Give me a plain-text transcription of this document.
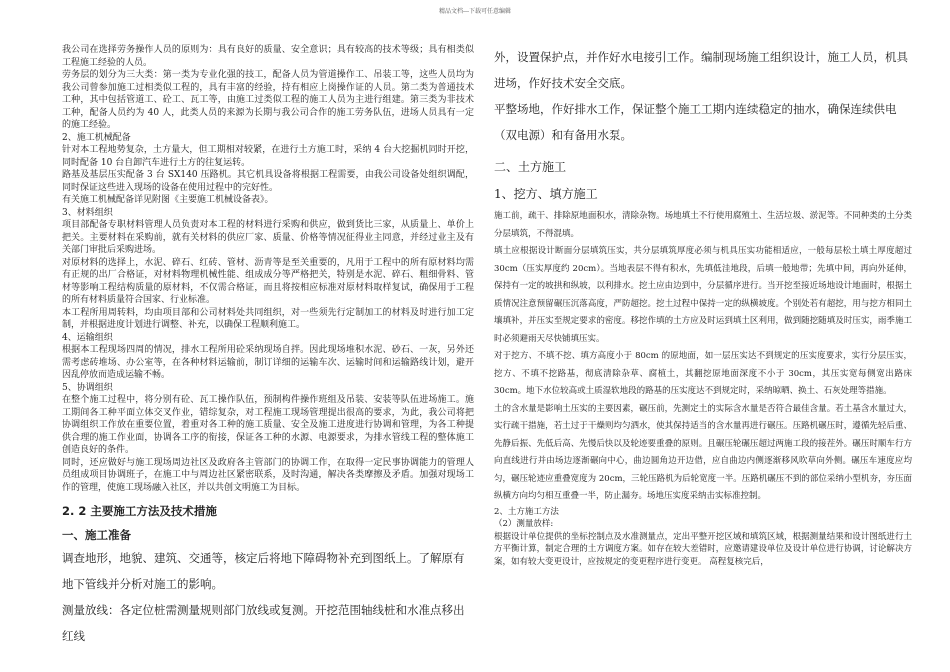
精品文档---下载可任意编辑

我公司在选择劳务操作人员的原则为：具有良好的质量、安全意识；具有较高的技术等级；具有相类似工程施工经验的人员。

劳务层的划分为三大类：第一类为专业化强的技工，配备人员为管道操作工、吊装工等，这些人员均为我公司曾参加施工过相类似工程的，具有丰富的经验，持有相应上岗操作证的人员。第二类为普通技术工种，其中包括管道工、砼工、瓦工等，由施工过类似工程的施工人员为主进行组建。第三类为非技术工种，配备人员约为 40 人，此类人员的来源为长期与我公司合作的施工劳务队伍，进场人员具有一定的施工经验。

2、施工机械配备

针对本工程地势复杂，土方量大，但工期相对较紧，在进行土方施工时，采纳 4 台大挖掘机同时开挖，同时配备 10 台自卸汽车进行土方的往复运转。

路基及基层压实配备 3 台 SX140 压路机。其它机具设备将根据工程需要，由我公司设备处组织调配，同时保证这些进入现场的设备在使用过程中的完好性。

有关施工机械配备详见附图《主要施工机械设备表》。

3、材料组织

项目部配备专职材料管理人员负责对本工程的材料进行采购和供应，做到货比三家，从质量上、单价上把关。主要材料在采购前，就有关材料的供应厂家、质量、价格等情况征得业主同意，并经过业主及有关部门审批后采购进场。

对原材料的选择上，水泥、碎石、红砖、管材、沥青等是至关重要的，凡用于工程中的所有原材料均需有正规的出厂合格证，对材料物理机械性能、组成成分等严格把关，特别是水泥、碎石、粗细骨料、管材等影响工程结构质量的原材料，不仅需合格证，而且将按相应标准对原材料取样复试，确保用于工程的所有材料质量符合国家、行业标准。

本工程所用周转料，均由项目部和公司材料处共同组织，对一些须先行定制加工的材料及时进行加工定制，并根据进度计划进行调整、补充，以确保工程顺利施工。

4、运输组织

根据本工程现场四周的情况，排水工程所用砼采纳现场自拌。因此现场堆积水泥、砂石、一灰，另外还需考虑砖堆场、办公室等，在各种材料运输前，制订详细的运输车次、运输时间和运输路线计划，避开因乱停放而造成运输不畅。

5、协调组织

在整个施工过程中，将分别有砼、瓦工操作队伍，预制构件操作班组及吊装、安装等队伍进场施工。施工期间各工种平面立体交叉作业，错综复杂，对工程施工现场管理提出很高的要求，为此，我公司将把协调组织工作放在重要位置，着重对各工种的施工质量、安全及施工进度进行协调和管理，为各工种提供合理的施工作业面，协调各工序的衔接，保证各工种的水源、电源要求，为排水管线工程的整体施工创造良好的条件。

同时，还应做好与施工现场周边社区及政府各主管部门的协调工作，在取得一定民事协调能力的管理人员组成项目协调班子，在施工中与周边社区紧密联系，及时沟通，解决各类摩擦及矛盾。加强对现场工作的管理，使施工现场融入社区，并以共创文明施工为目标。

2. 2 主要施工方法及技术措施

一、施工准备

调查地形，地貌、建筑、交通等，核定后将地下障碍物补充到图纸上。了解原有地下管线并分析对施工的影响。

测量放线：各定位桩需测量规则部门放线或复测。开挖范围轴线桩和水准点移出红线

外，设置保护点，并作好水电接引工作。编制现场施工组织设计，施工人员，机具进场，作好技术安全交底。

平整场地，作好排水工作，保证整个施工工期内连续稳定的抽水，确保连续供电（双电源）和有备用水泵。

二、土方施工

1、挖方、填方施工

施工前，疏干、排除原地面积水，清除杂物。场地填土不行使用腐殖土、生活垃圾、淤泥等。不同种类的土分类分层填筑，不得混填。

填土应根据设计断面分层填筑压实，共分层填筑厚度必须与机具压实功能相适应，一般每层松土填土厚度超过 30cm（压实厚度约 20cm）。当地表层不得有积水，先填低洼地段，后填一般地带；先填中间，再向外延伸，保持有一定的坡拱和纵坡，以利排水。挖土应由边到中，分层循序进行。当开挖至接近场地设计地面时，根据土质情况注意预留碾压沉落高度，严防超挖。挖土过程中保持一定的纵横坡度。个别处若有超挖，用与挖方相同土壤填补，并压实至规定要求的密度。移挖作填的土方应及时运到填土区利用，做到随挖随填及时压实，雨季施工时必须避雨天尽快铺填压实。

对于挖方、不填不挖、填方高度小于 80cm 的原地面，如一层压实达不到规定的压实度要求，实行分层压实，挖方、不填不挖路基，彻底清除杂草、腐植土，其翻挖原地面深度不小于 30cm，其压实宽每侧宽出路床 30cm。地下水位较高或土质湿软地段的路基的压实度达不到规定时，采纳晾晒、换土、石灰处理等措施。

土的含水量是影响土压实的主要因素，碾压前，先测定土的实际含水量是否符合最佳含量。若土基含水量过大，实行疏干措施，若土过于干燥则均匀洒水，使其保持适当的含水量再进行碾压。压路机碾压时，遵循先轻后重、先静后振、先低后高、先慢后快以及轮迹要重叠的原则。且碾压轮碾压超过两施工段的接茬外。碾压时顺车行方向直线进行并由场边逐渐碾向中心，曲边圆角边开边借，应自曲边内侧逐渐移风吹草向外侧。碾压车速度应均匀，碾压轮迹应重叠宽度为 20cm，三轮压路机为后轮宽度一半。压路机碾压不到的部位采纳小型机夯，夯压面纵横方向均匀相互重叠一半，防止漏夯。场地压实度采纳击实标准控制。

2、土方施工方法

（2）测量放样:

根据设计单位提供的坐标控制点及水准测量点，定出平整开挖区域和填筑区域，根据测量结果和设计图纸进行土方平衡计算，制定合理的土方调度方案。如存在较大差错时，应邀请建设单位及设计单位进行协调，讨论解决方案，如有较大变更设计，应按规定的变更程序进行变更。 高程复核完后，
